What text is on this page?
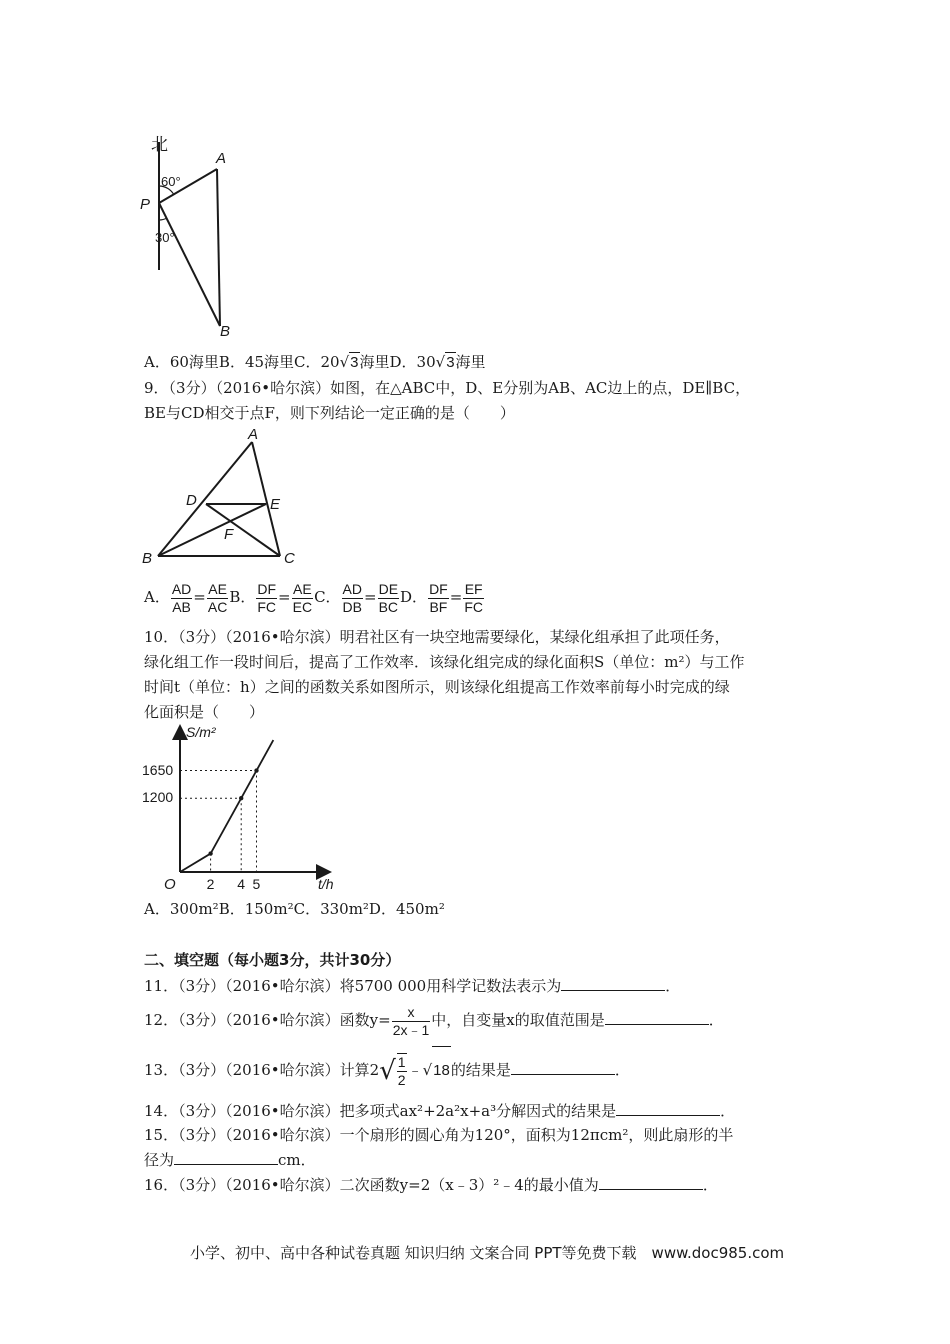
北
A
60°
P
30°
B
A．60海里B．45海里C．20√3海里D．30√3海里
9．（3分）（2016•哈尔滨）如图，在△ABC中，D、E分别为AB、AC边上的点，DE∥BC，
BE与CD相交于点F，则下列结论一定正确的是（　　）
A
D	E
F
B	C
A． $\frac{AD}{AB} = \frac{AE}{AC}$ B． $\frac{DF}{FC} = \frac{AE}{EC}$ C． $\frac{AD}{DB} = \frac{DE}{BC}$ D． $\frac{DF}{BF} = \frac{EF}{FC}$
10．（3分）（2016•哈尔滨）明君社区有一块空地需要绿化，某绿化组承担了此项任务，
绿化组工作一段时间后，提高了工作效率．该绿化组完成的绿化面积S（单位：m²）与工作
时间t（单位：h）之间的函数关系如图所示，则该绿化组提高工作效率前每小时完成的绿
化面积是（　　）
S/m²
t/h
O 2 4 5
1200
1650
A．300m²B．150m²C．330m²D．450m²
二、填空题（每小题3分，共计30分）
11．（3分）（2016•哈尔滨）将5700 000用科学记数法表示为	．
12．（3分）（2016•哈尔滨）函数$y= \frac{x}{2x﹣1}$ 中，自变量x的取值范围是	．
13．（3分）（2016•哈尔滨）计算$2√ \frac{1}{2}$ ﹣√18的结果是	．
14．（3分）（2016•哈尔滨）把多项式ax²+2a²x+a³分解因式的结果是	．
15．（3分）（2016•哈尔滨）一个扇形的圆心角为120°，面积为12πcm²，则此扇形的半
径为	cm．
16．（3分）（2016•哈尔滨）二次函数y=2（x﹣3）²﹣4的最小值为	．
小学、初中、高中各种试卷真题 知识归纳 文案合同 PPT等免费下载　www.doc985.com
